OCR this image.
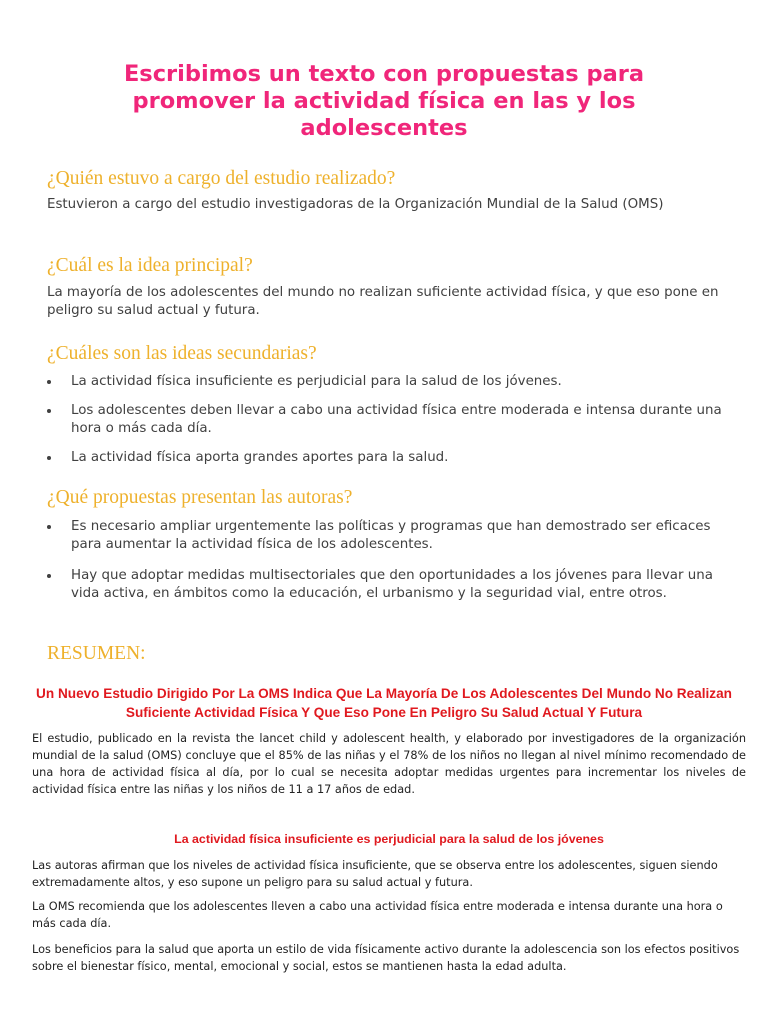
Escribimos un texto con propuestas para promover la actividad física en las y los adolescentes
¿Quién estuvo a cargo del estudio realizado?

Estuvieron a cargo del estudio investigadoras de la Organización Mundial de la Salud (OMS)

¿Cuál es la idea principal?

La mayoría de los adolescentes del mundo no realizan suficiente actividad física, y que eso pone en peligro su salud actual y futura.

¿Cuáles son las ideas secundarias?
La actividad física insuficiente es perjudicial para la salud de los jóvenes.
Los adolescentes deben llevar a cabo una actividad física entre moderada e intensa durante una hora o más cada día.
La actividad física aporta grandes aportes para la salud.
¿Qué propuestas presentan las autoras?
Es necesario ampliar urgentemente las políticas y programas que han demostrado ser eficaces para aumentar la actividad física de los adolescentes.
Hay que adoptar medidas multisectoriales que den oportunidades a los jóvenes para llevar una vida activa, en ámbitos como la educación, el urbanismo y la seguridad vial, entre otros.
RESUMEN:

Un Nuevo Estudio Dirigido Por La OMS Indica Que La Mayoría De Los Adolescentes Del Mundo No Realizan Suficiente Actividad Física Y Que Eso Pone En Peligro Su Salud Actual Y Futura

El estudio, publicado en la revista the lancet child y adolescent health, y elaborado por investigadores de la organización mundial de la salud (OMS) concluye que el 85% de las niñas y el 78% de los niños no llegan al nivel mínimo recomendado de una hora de actividad física al día, por lo cual se necesita adoptar medidas urgentes para incrementar los niveles de actividad física entre las niñas y los niños de 11 a 17 años de edad.

La actividad física insuficiente es perjudicial para la salud de los jóvenes

Las autoras afirman que los niveles de actividad física insuficiente, que se observa entre los adolescentes, siguen siendo extremadamente altos, y eso supone un peligro para su salud actual y futura.

La OMS recomienda que los adolescentes lleven a cabo una actividad física entre moderada e intensa durante una hora o más cada día.

Los beneficios para la salud que aporta un estilo de vida físicamente activo durante la adolescencia son los efectos positivos sobre el bienestar físico, mental, emocional y social, estos se mantienen hasta la edad adulta.
